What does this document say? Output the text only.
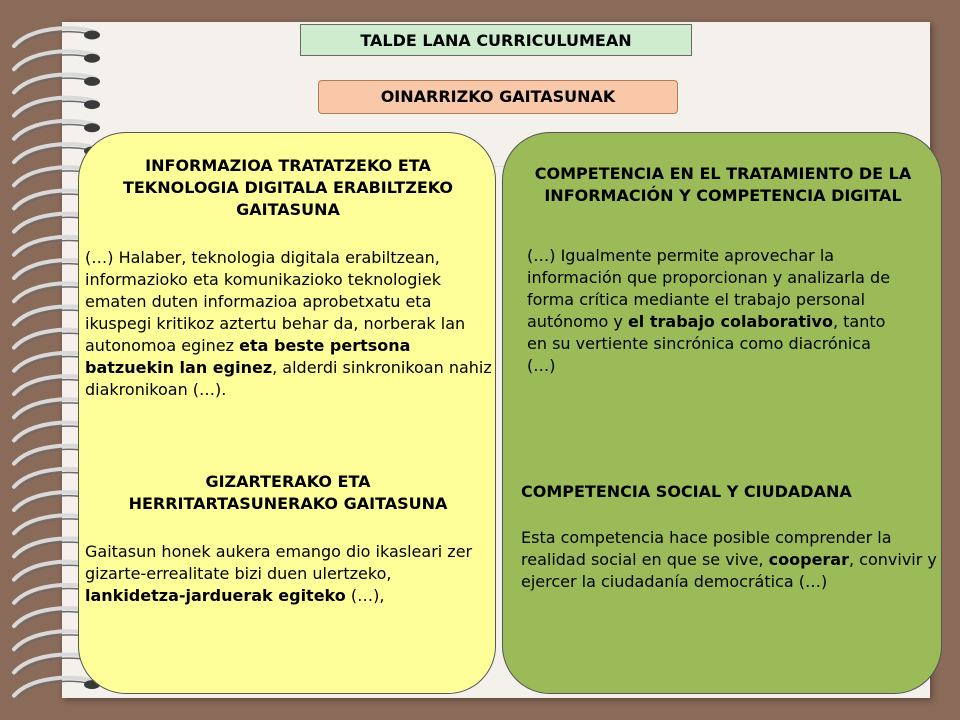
TALDE LANA CURRICULUMEAN
OINARRIZKO GAITASUNAK
INFORMAZIOA TRATATZEKO ETA TEKNOLOGIA DIGITALA ERABILTZEKO GAITASUNA
(…) Halaber, teknologia digitala erabiltzean, informazioko eta komunikazioko teknologiek ematen duten informazioa aprobetxatu eta ikuspegi kritikoz aztertu behar da, norberak lan autonomoa eginez eta beste pertsona batzuekin lan eginez, alderdi sinkronikoan nahiz diakronikoan (…).
GIZARTERAKO ETA HERRITARTASUNERAKO GAITASUNA
Gaitasun honek aukera emango dio ikasleari zer gizarte-errealitate bizi duen ulertzeko, lankidetza-jarduerak egiteko (…),
COMPETENCIA EN EL TRATAMIENTO DE LA INFORMACIÓN Y COMPETENCIA DIGITAL
(…) Igualmente permite aprovechar la información que proporcionan y analizarla de forma crítica mediante el trabajo personal autónomo y el trabajo colaborativo, tanto en su vertiente sincrónica como diacrónica (…)
COMPETENCIA SOCIAL Y CIUDADANA
Esta competencia hace posible comprender la realidad social en que se vive, cooperar, convivir y ejercer la ciudadanía democrática (…)
